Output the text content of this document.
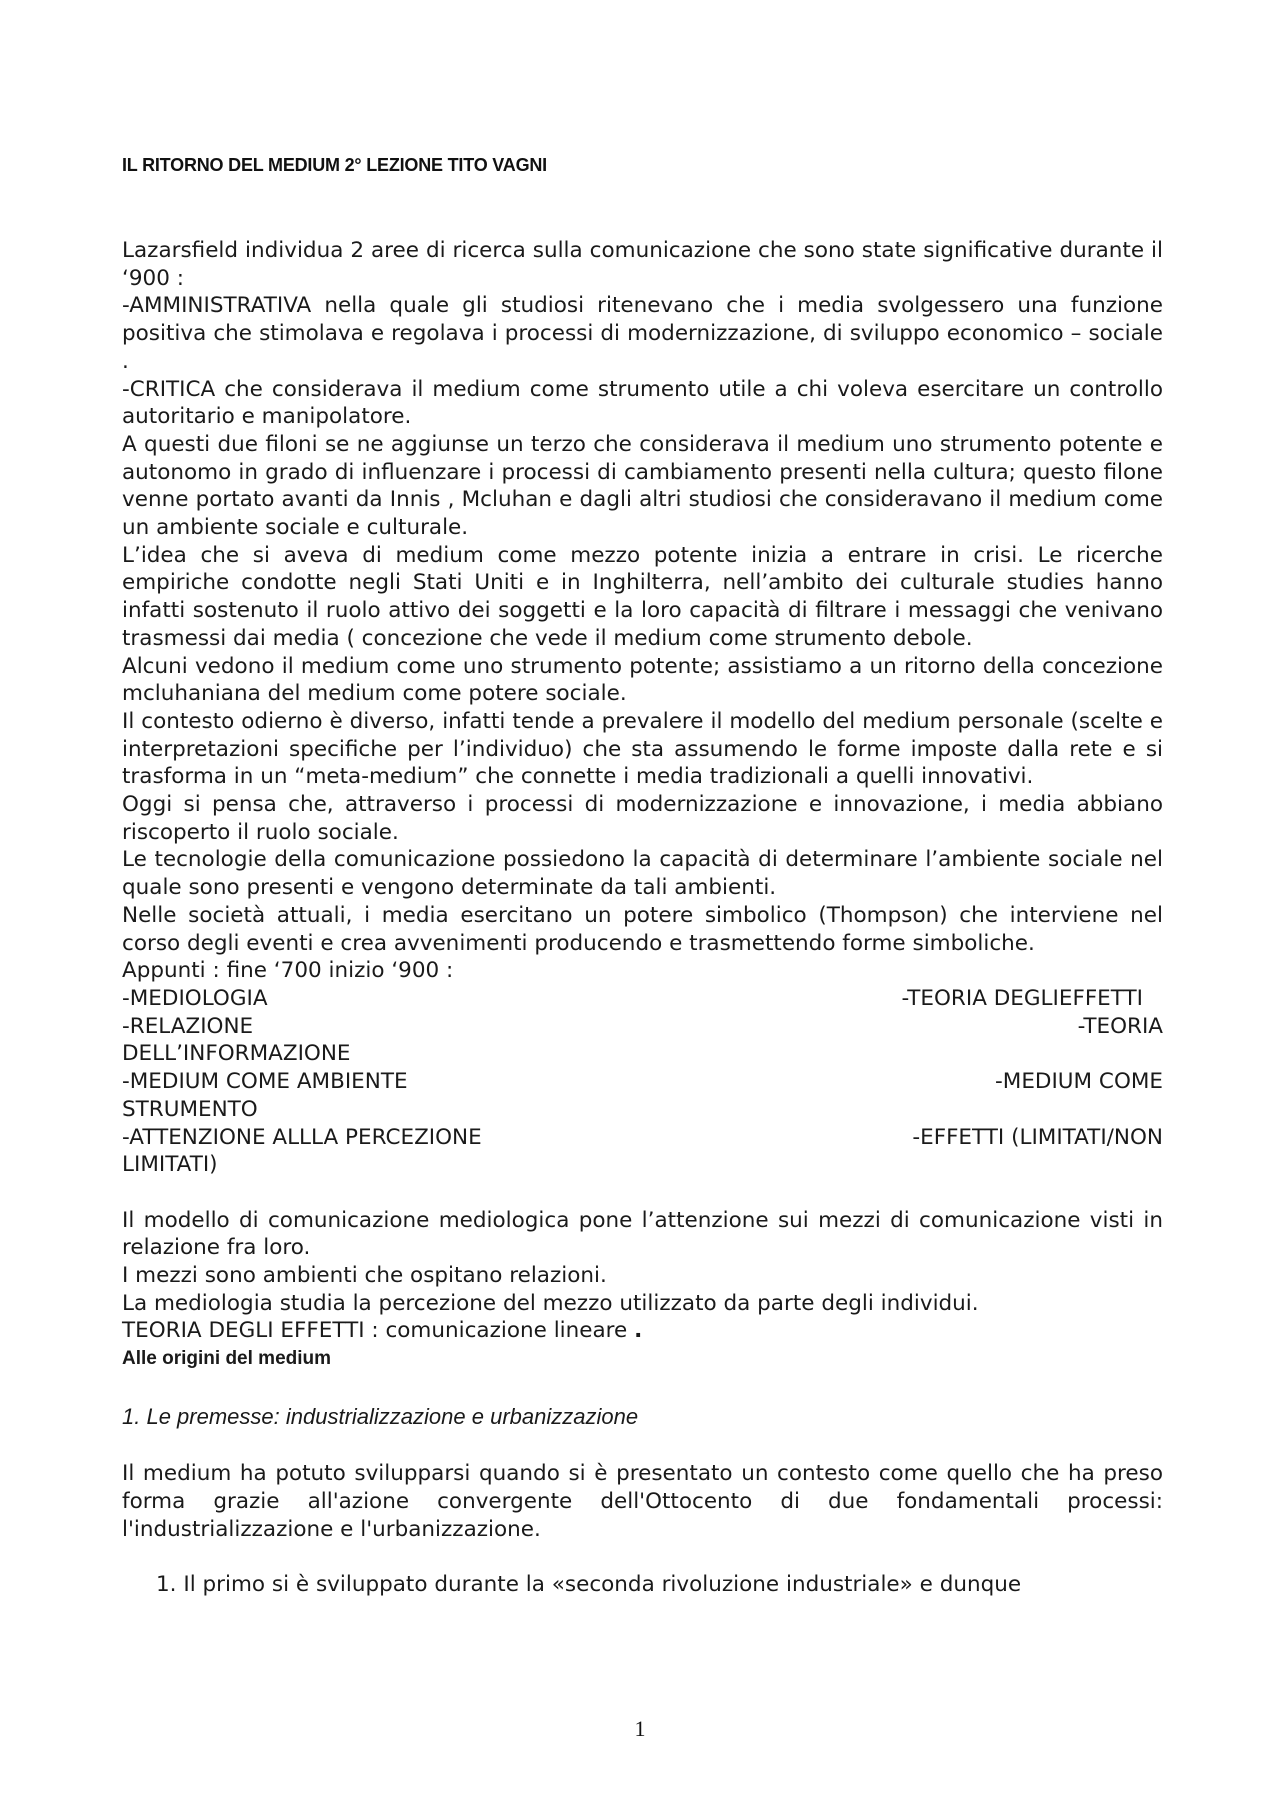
IL RITORNO DEL MEDIUM 2° LEZIONE TITO VAGNI

Lazarsfield individua 2 aree di ricerca sulla comunicazione che sono state significative durante il ‘900 :

-AMMINISTRATIVA nella quale gli studiosi ritenevano che i media svolgessero una funzione positiva che stimolava e regolava i processi di modernizzazione, di sviluppo economico – sociale .

-CRITICA che considerava il medium come strumento utile a chi voleva esercitare un controllo autoritario e manipolatore.

A questi due filoni se ne aggiunse un terzo che considerava il medium uno strumento potente e autonomo in grado di influenzare i processi di cambiamento presenti nella cultura; questo filone venne portato avanti da Innis , Mcluhan e dagli altri studiosi che consideravano il medium come un ambiente sociale e culturale.

L’idea che si aveva di medium come mezzo potente inizia a entrare in crisi. Le ricerche empiriche condotte negli Stati Uniti e in Inghilterra, nell’ambito dei culturale studies hanno infatti sostenuto il ruolo attivo dei soggetti e la loro capacità di filtrare i messaggi che venivano trasmessi dai media ( concezione che vede il medium come strumento debole.

Alcuni vedono il medium come uno strumento potente; assistiamo a un ritorno della concezione mcluhaniana del medium come potere sociale.

Il contesto odierno è diverso, infatti tende a prevalere il modello del medium personale (scelte e interpretazioni specifiche per l’individuo) che sta assumendo le forme imposte dalla rete e si trasforma in un “meta-medium” che connette i media tradizionali a quelli innovativi.

Oggi si pensa che, attraverso i processi di modernizzazione e innovazione, i media abbiano riscoperto il ruolo sociale.

Le tecnologie della comunicazione possiedono la capacità di determinare l’ambiente sociale nel quale sono presenti e vengono determinate da tali ambienti.

Nelle società attuali, i media esercitano un potere simbolico (Thompson) che interviene nel corso degli eventi e crea avvenimenti producendo e trasmettendo forme simboliche.

Appunti : fine ‘700 inizio ‘900 :

-MEDIOLOGIA	-TEORIA DEGLIEFFETTI
-RELAZIONE	-TEORIA
DELL’INFORMAZIONE
-MEDIUM COME AMBIENTE	-MEDIUM COME
STRUMENTO
-ATTENZIONE ALLLA PERCEZIONE	-EFFETTI (LIMITATI/NON
LIMITATI)

Il modello di comunicazione mediologica pone l’attenzione sui mezzi di comunicazione visti in relazione fra loro.

I mezzi sono ambienti che ospitano relazioni.

La mediologia studia la percezione del mezzo utilizzato da parte degli individui.

TEORIA DEGLI EFFETTI : comunicazione lineare .

Alle origini del medium
1. Le premesse: industrializzazione e urbanizzazione

Il medium ha potuto svilupparsi quando si è presentato un contesto come quello che ha preso forma grazie all'azione convergente dell'Ottocento di due fondamentali processi: l'industrializzazione e l'urbanizzazione.

1. Il primo si è sviluppato durante la «seconda rivoluzione industriale» e dunque

1
